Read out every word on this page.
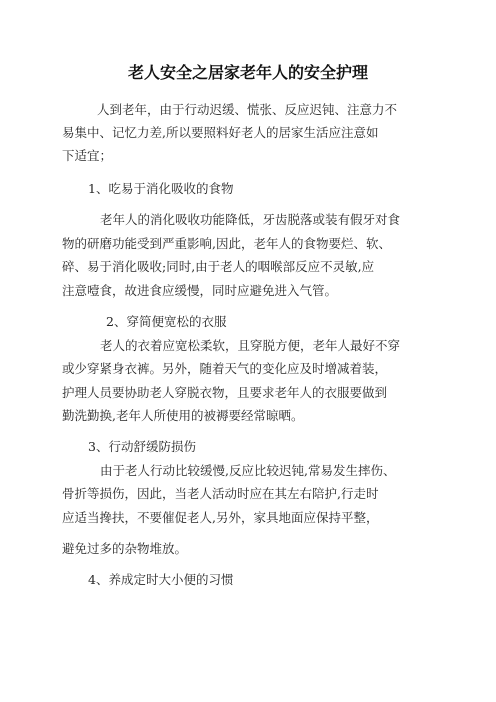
老人安全之居家老年人的安全护理
人到老年，由于行动迟缓、慌张、反应迟钝、注意力不
易集中、记忆力差,所以要照料好老人的居家生活应注意如
下适宜；
1、吃易于消化吸收的食物
老年人的消化吸收功能降低，牙齿脱落或装有假牙对食
物的研磨功能受到严重影响,因此，老年人的食物要烂、软、
碎、易于消化吸收;同时,由于老人的咽喉部反应不灵敏,应
注意噎食，故进食应缓慢，同时应避免进入气管。
2、穿简便宽松的衣服
老人的衣着应宽松柔软，且穿脱方便，老年人最好不穿
或少穿紧身衣裤。另外，随着天气的变化应及时增减着装，
护理人员要协助老人穿脱衣物，且要求老年人的衣服要做到
勤洗勤换,老年人所使用的被褥要经常晾晒。
3、行动舒缓防损伤
由于老人行动比较缓慢,反应比较迟钝,常易发生摔伤、
骨折等损伤，因此，当老人活动时应在其左右陪护,行走时
应适当搀扶，不要催促老人,另外，家具地面应保持平整，
避免过多的杂物堆放。
4、养成定时大小便的习惯
